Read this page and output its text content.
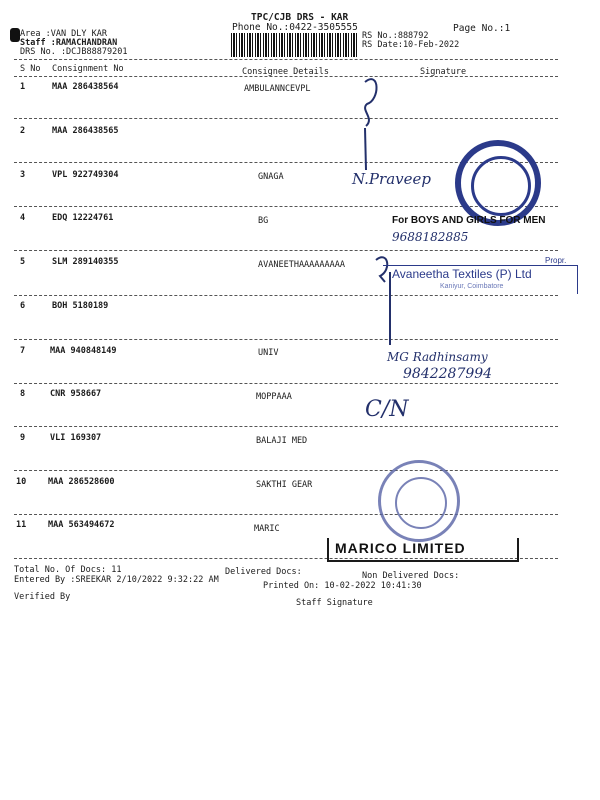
TPC/CJB DRS - KAR
Phone No.:0422-3505555	Page No.:1
Area :VAN DLY KAR
Staff :RAMACHANDRAN
DRS No. :DCJB88879201
RS No.:888792
RS Date:10-Feb-2022
S No Consignment No	Consignee Details	Signature
1	MAA 286438564	AMBULANNCEVPL
2	MAA 286438565
3	VPL 922749304	GNAGA
4	EDQ 12224761	BG
5	SLM 289140355	AVANEETHAAAAAAAAA
6	BOH 5180189
7	MAA 940848149	UNIV
8	CNR 958667	MOPPAAA
9	VLI 169307	BALAJI MED
10	MAA 286528600	SAKTHI GEAR
11	MAA 563494672	MARIC
Total No. Of Docs: 11	Delivered Docs:	Non Delivered Docs:
Entered By :SREEKAR 2/10/2022 9:32:22 AM
Printed On: 10-02-2022 10:41:30
Verified By
Staff Signature
N.Praveep
For BOYS AND GIRLS FOR MEN
9688182885
Propr.
Avaneetha Textiles (P) Ltd
Kaniyur, Coimbatore
MG Radhinsamy
9842287994
C/N
MARICO LIMITED
